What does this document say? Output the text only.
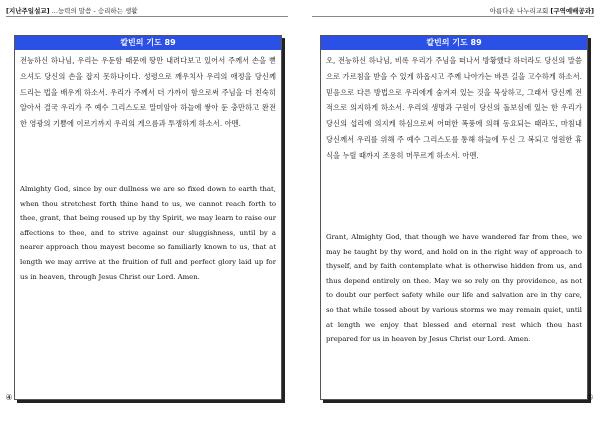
[지난주일설교] ...능력의 말씀 - 승리하는 생활	아름다운 나누리교회 [구역예배공과]
칼빈의 기도 89
전능하신 하나님, 우리는 우둔함 때문에 땅만 내려다보고 있어서 주께서 손을 뻗으셔도 당신의 손을 잡지 못하나이다. 성령으로 깨우치사 우리의 애정을 당신께 드리는 법을 배우게 하소서. 우리가 주께서 더 가까이 함으로써 주님을 더 친숙히 알아서 결국 우리가 주 예수 그리스도로 말미암아 하늘에 쌓아 둔 충만하고 완전한 영광의 기쁨에 이르기까지 우리의 게으름과 투쟁하게 하소서. 아멘.
Almighty God, since by our dullness we are so fixed down to earth that, when thou stretchest forth thine hand to us, we cannot reach forth to thee, grant, that being roused up by thy Spirit, we may learn to raise our affections to thee, and to strive against our sluggishness, until by a nearer approach thou mayest become so familiarly known to us, that at length we may arrive at the fruition of full and perfect glory laid up for us in heaven, through Jesus Christ our Lord. Amen.
칼빈의 기도 89
오, 전능하신 하나님, 비록 우리가 주님을 떠나서 방황했다 하더라도 당신의 말씀으로 가르침을 받을 수 있게 하옵시고 주께 나아가는 바른 길을 고수하게 하소서. 믿음으로 다른 방법으로 우리에게 숨겨져 있는 것을 묵상하고, 그래서 당신께 전적으로 의지하게 하소서. 우리의 생명과 구원이 당신의 돌보심에 있는 한 우리가 당신의 섭리에 의지케 하심으로써 어떠한 폭풍에 의해 동요되는 때라도, 마침내 당신께서 우리를 위해 주 예수 그리스도를 통해 하늘에 두신 그 복되고 영원한 휴식을 누릴 때까지 조용히 머무르게 하소서. 아멘.
Grant, Almighty God, that though we have wandered far from thee, we may be taught by thy word, and hold on in the right way of approach to thyself, and by faith contemplate what is otherwise hidden from us, and thus depend entirely on thee. May we so rely on thy providence, as not to doubt our perfect safety while our life and salvation are in thy care, so that while tossed about by various storms we may remain quiet, until at length we enjoy that blessed and eternal rest which thou hast prepared for us in heaven by Jesus Christ our Lord. Amen.
④	⑤
